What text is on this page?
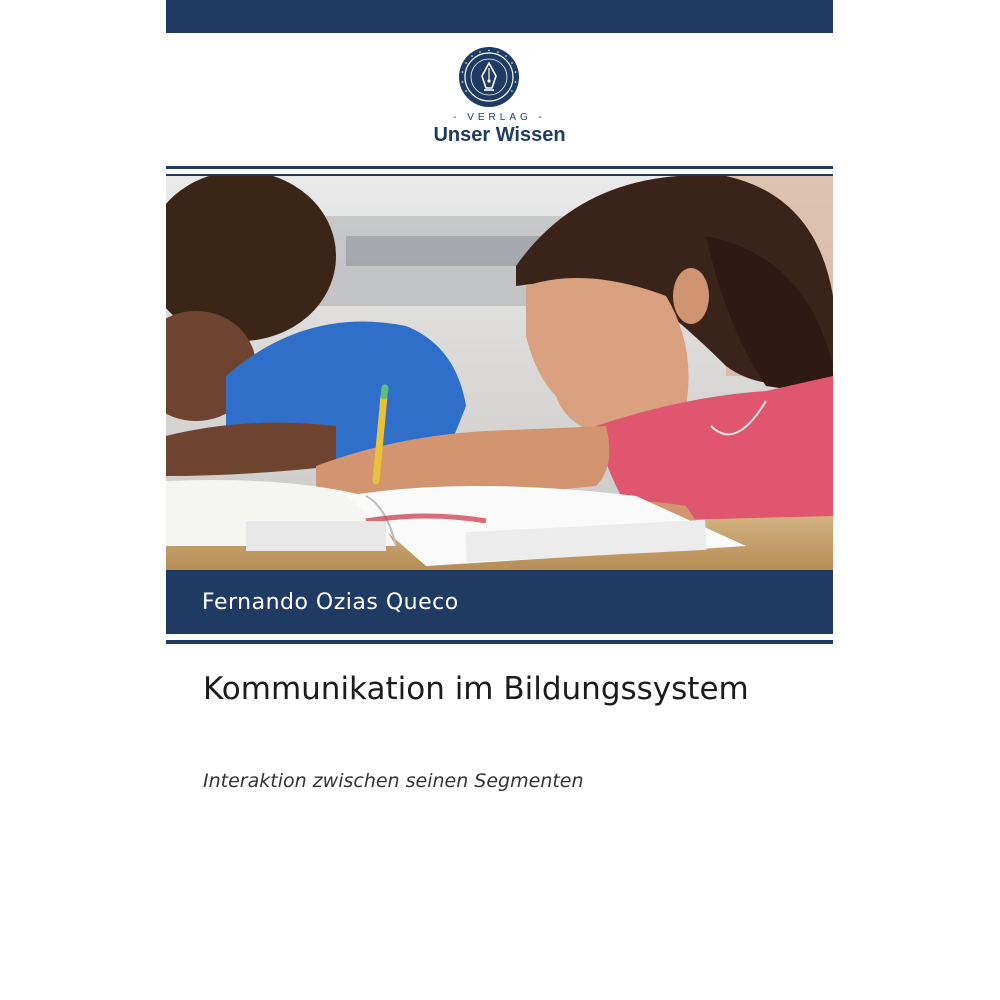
- VERLAG -
Unser Wissen
Fernando Ozias Queco
Kommunikation im Bildungssystem
Interaktion zwischen seinen Segmenten
